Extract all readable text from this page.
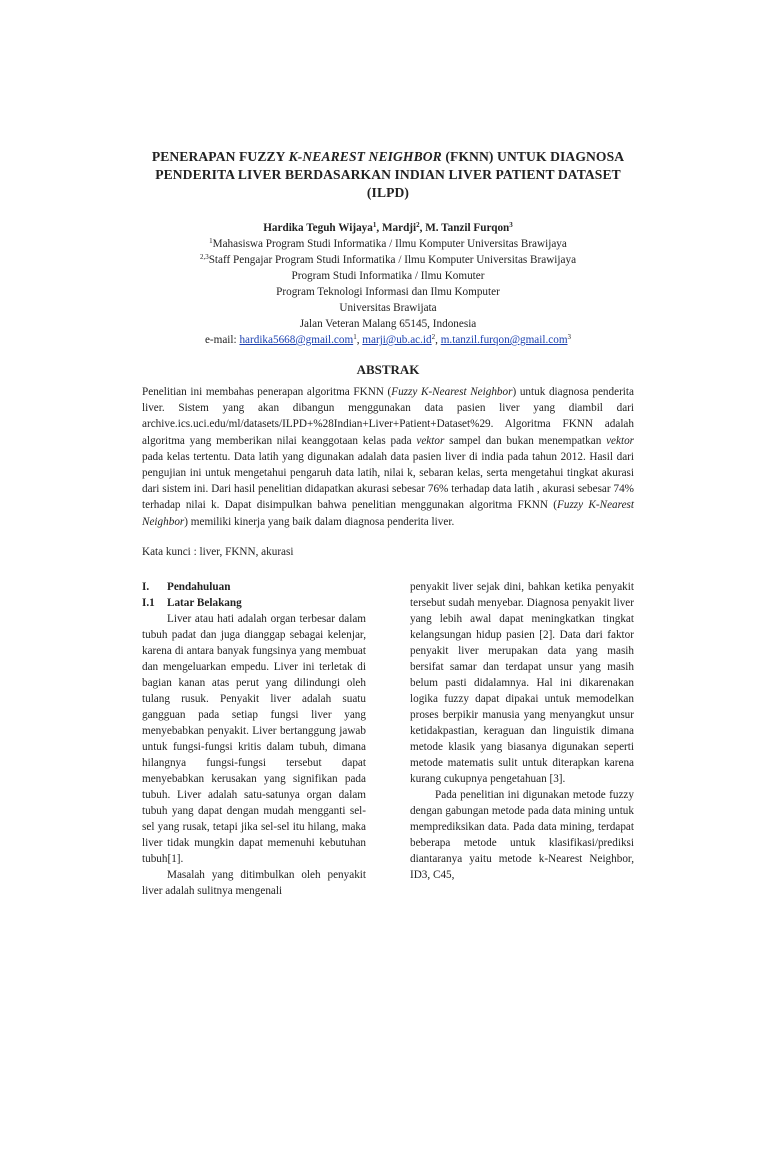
PENERAPAN FUZZY K-NEAREST NEIGHBOR (FKNN) UNTUK DIAGNOSA
PENDERITA LIVER BERDASARKAN INDIAN LIVER PATIENT DATASET (ILPD)
Hardika Teguh Wijaya$^1$, Mardji$^2$, M. Tanzil Furqon$^3$
$^1$Mahasiswa Program Studi Informatika / Ilmu Komputer Universitas Brawijaya
$^{2,3}$Staff Pengajar Program Studi Informatika / Ilmu Komputer Universitas Brawijaya
Program Studi Informatika / Ilmu Komuter
Program Teknologi Informasi dan Ilmu Komputer
Universitas Brawijata
Jalan Veteran Malang 65145, Indonesia
e-mail: hardika5668@gmail.com$^1$, $marji@ub.ac.id^2$, m.tanzil.furqon@gmail.com$^3$
ABSTRAK
Penelitian ini membahas penerapan algoritma FKNN (Fuzzy K-Nearest Neighbor) untuk diagnosa penderita liver. Sistem yang akan dibangun menggunakan data pasien liver yang diambil dari archive.ics.uci.edu/ml/datasets/ILPD+%28Indian+Liver+Patient+Dataset%29. Algoritma FKNN adalah algoritma yang memberikan nilai keanggotaan kelas pada vektor sampel dan bukan menempatkan vektor pada kelas tertentu. Data latih yang digunakan adalah data pasien liver di india pada tahun 2012. Hasil dari pengujian ini untuk mengetahui pengaruh data latih, nilai k, sebaran kelas, serta mengetahui tingkat akurasi dari sistem ini. Dari hasil penelitian didapatkan akurasi sebesar 76% terhadap data latih , akurasi sebesar 74% terhadap nilai k. Dapat disimpulkan bahwa penelitian menggunakan algoritma FKNN (Fuzzy K-Nearest Neighbor) memiliki kinerja yang baik dalam diagnosa penderita liver.
Kata kunci : liver, FKNN, akurasi
I. Pendahuluan
I.1 Latar Belakang

Liver atau hati adalah organ terbesar dalam tubuh padat dan juga dianggap sebagai kelenjar, karena di antara banyak fungsinya yang membuat dan mengeluarkan empedu. Liver ini terletak di bagian kanan atas perut yang dilindungi oleh tulang rusuk. Penyakit liver adalah suatu gangguan pada setiap fungsi liver yang menyebabkan penyakit. Liver bertanggung jawab untuk fungsi-fungsi kritis dalam tubuh, dimana hilangnya fungsi-fungsi tersebut dapat menyebabkan kerusakan yang signifikan pada tubuh. Liver adalah satu-satunya organ dalam tubuh yang dapat dengan mudah mengganti sel-sel yang rusak, tetapi jika sel-sel itu hilang, maka liver tidak mungkin dapat memenuhi kebutuhan tubuh[1].

Masalah yang ditimbulkan oleh penyakit liver adalah sulitnya mengenali

penyakit liver sejak dini, bahkan ketika penyakit tersebut sudah menyebar. Diagnosa penyakit liver yang lebih awal dapat meningkatkan tingkat kelangsungan hidup pasien [2]. Data dari faktor penyakit liver merupakan data yang masih bersifat samar dan terdapat unsur yang masih belum pasti didalamnya. Hal ini dikarenakan logika fuzzy dapat dipakai untuk memodelkan proses berpikir manusia yang menyangkut unsur ketidakpastian, keraguan dan linguistik dimana metode klasik yang biasanya digunakan seperti metode matematis sulit untuk diterapkan karena kurang cukupnya pengetahuan [3].

Pada penelitian ini digunakan metode fuzzy dengan gabungan metode pada data mining untuk memprediksikan data. Pada data mining, terdapat beberapa metode untuk klasifikasi/prediksi diantaranya yaitu metode k-Nearest Neighbor, ID3, C45,
